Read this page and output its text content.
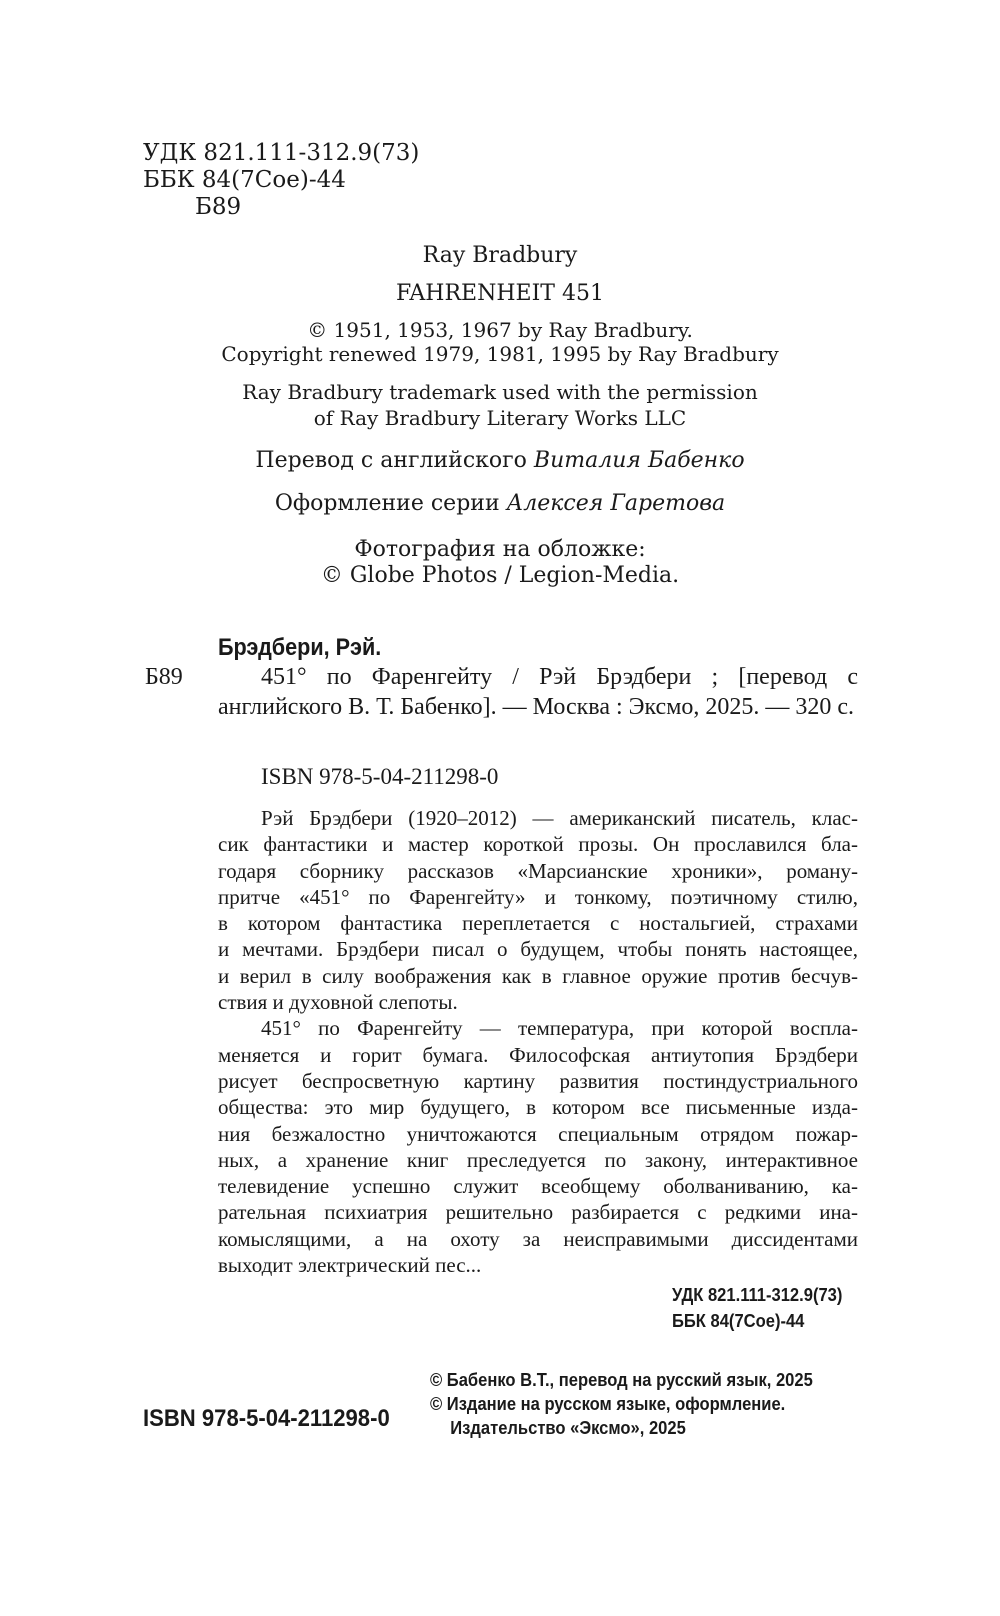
УДК 821.111-312.9(73)
ББК 84(7Сое)-44
Б89
Ray Bradbury
FAHRENHEIT 451
© 1951, 1953, 1967 by Ray Bradbury.
Copyright renewed 1979, 1981, 1995 by Ray Bradbury
Ray Bradbury trademark used with the permission
of Ray Bradbury Literary Works LLC
Перевод с английского Виталия Бабенко
Оформление серии Алексея Гаретова
Фотография на обложке:
© Globe Photos / Legion-Media.
Брэдбери, Рэй.
Б89	451° по Фаренгейту / Рэй Брэдбери ; [перевод с английского В. Т. Бабенко]. — Москва : Эксмо, 2025. — 320 с.

ISBN 978-5-04-211298-0
Рэй Брэдбери (1920–2012) — американский писатель, клас-
сик фантастики и мастер короткой прозы. Он прославился бла-
годаря сборнику рассказов «Марсианские хроники», роману-
притче «451° по Фаренгейту» и тонкому, поэтичному стилю,
в котором фантастика переплетается с ностальгией, страхами
и мечтами. Брэдбери писал о будущем, чтобы понять настоящее,
и верил в силу воображения как в главное оружие против бесчув-
ствия и духовной слепоты.
451° по Фаренгейту — температура, при которой воспла-
меняется и горит бумага. Философская антиутопия Брэдбери
рисует беспросветную картину развития постиндустриального
общества: это мир будущего, в котором все письменные изда-
ния безжалостно уничтожаются специальным отрядом пожар-
ных, а хранение книг преследуется по закону, интерактивное
телевидение успешно служит всеобщему оболваниванию, ка-
рательная психиатрия решительно разбирается с редкими ина-
комыслящими, а на охоту за неисправимыми диссидентами
выходит электрический пес...
УДК 821.111-312.9(73)
ББК 84(7Сое)-44
© Бабенко В.Т., перевод на русский язык, 2025
© Издание на русском языке, оформление.
Издательство «Эксмо», 2025
ISBN 978-5-04-211298-0
